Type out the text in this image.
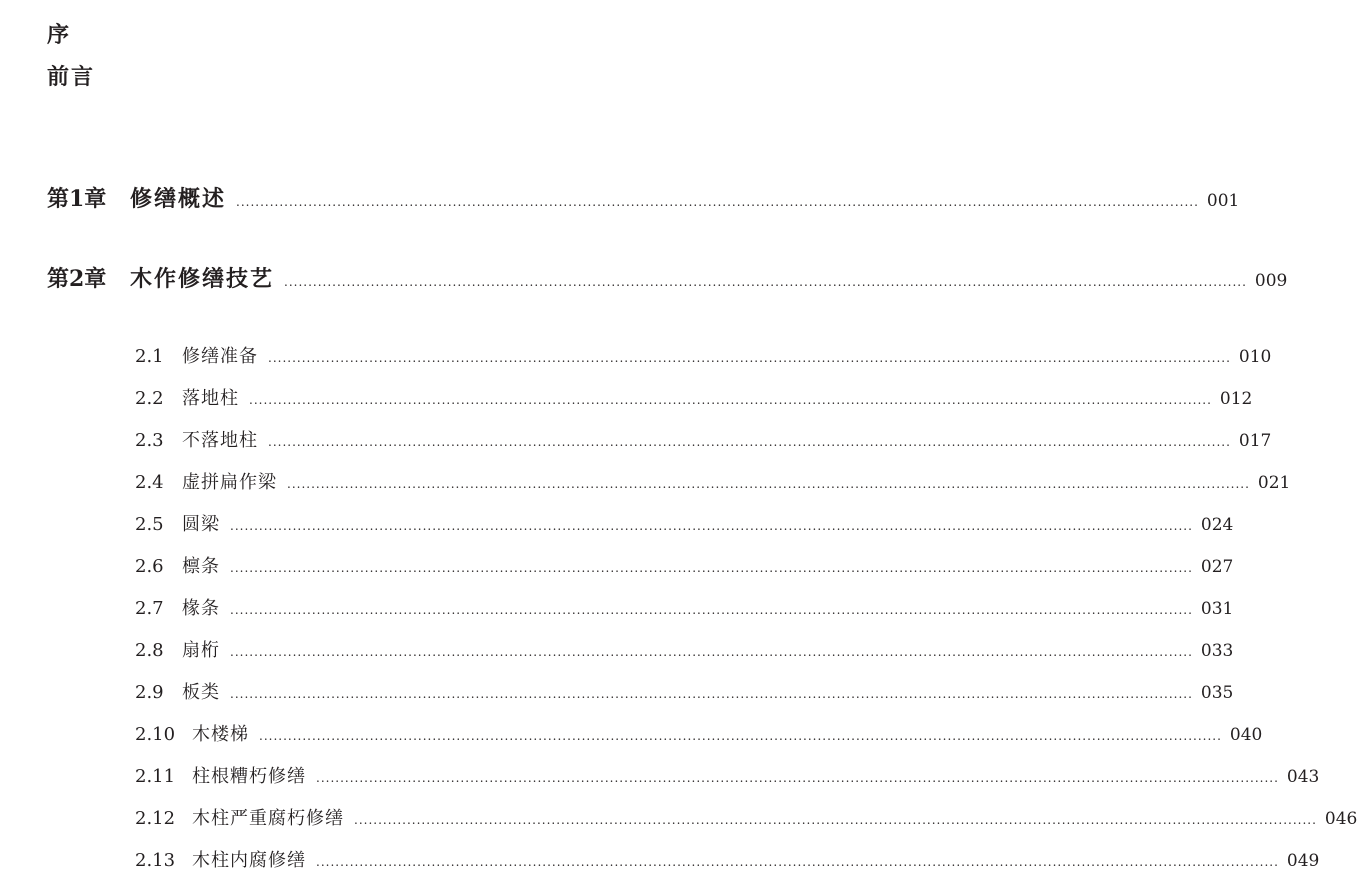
序
前言
第1章	修缮概述 ........................................................................................................................................................................................................ 001
第2章	木作修缮技艺 ........................................................................................................................................................................................................ 009
2.1	修缮准备 ........................................................................................................................................................................................................ 010
2.2	落地柱 ........................................................................................................................................................................................................ 012
2.3	不落地柱 ........................................................................................................................................................................................................ 017
2.4	虚拼扁作梁 ........................................................................................................................................................................................................ 021
2.5	圆梁 ........................................................................................................................................................................................................ 024
2.6	檩条 ........................................................................................................................................................................................................ 027
2.7	椽条 ........................................................................................................................................................................................................ 031
2.8	扇桁 ........................................................................................................................................................................................................ 033
2.9	板类 ........................................................................................................................................................................................................ 035
2.10 木楼梯 ........................................................................................................................................................................................................ 040
2.11 柱根糟朽修缮 ........................................................................................................................................................................................................ 043
2.12 木柱严重腐朽修缮 ........................................................................................................................................................................................................ 046
2.13 木柱内腐修缮 ........................................................................................................................................................................................................ 049
